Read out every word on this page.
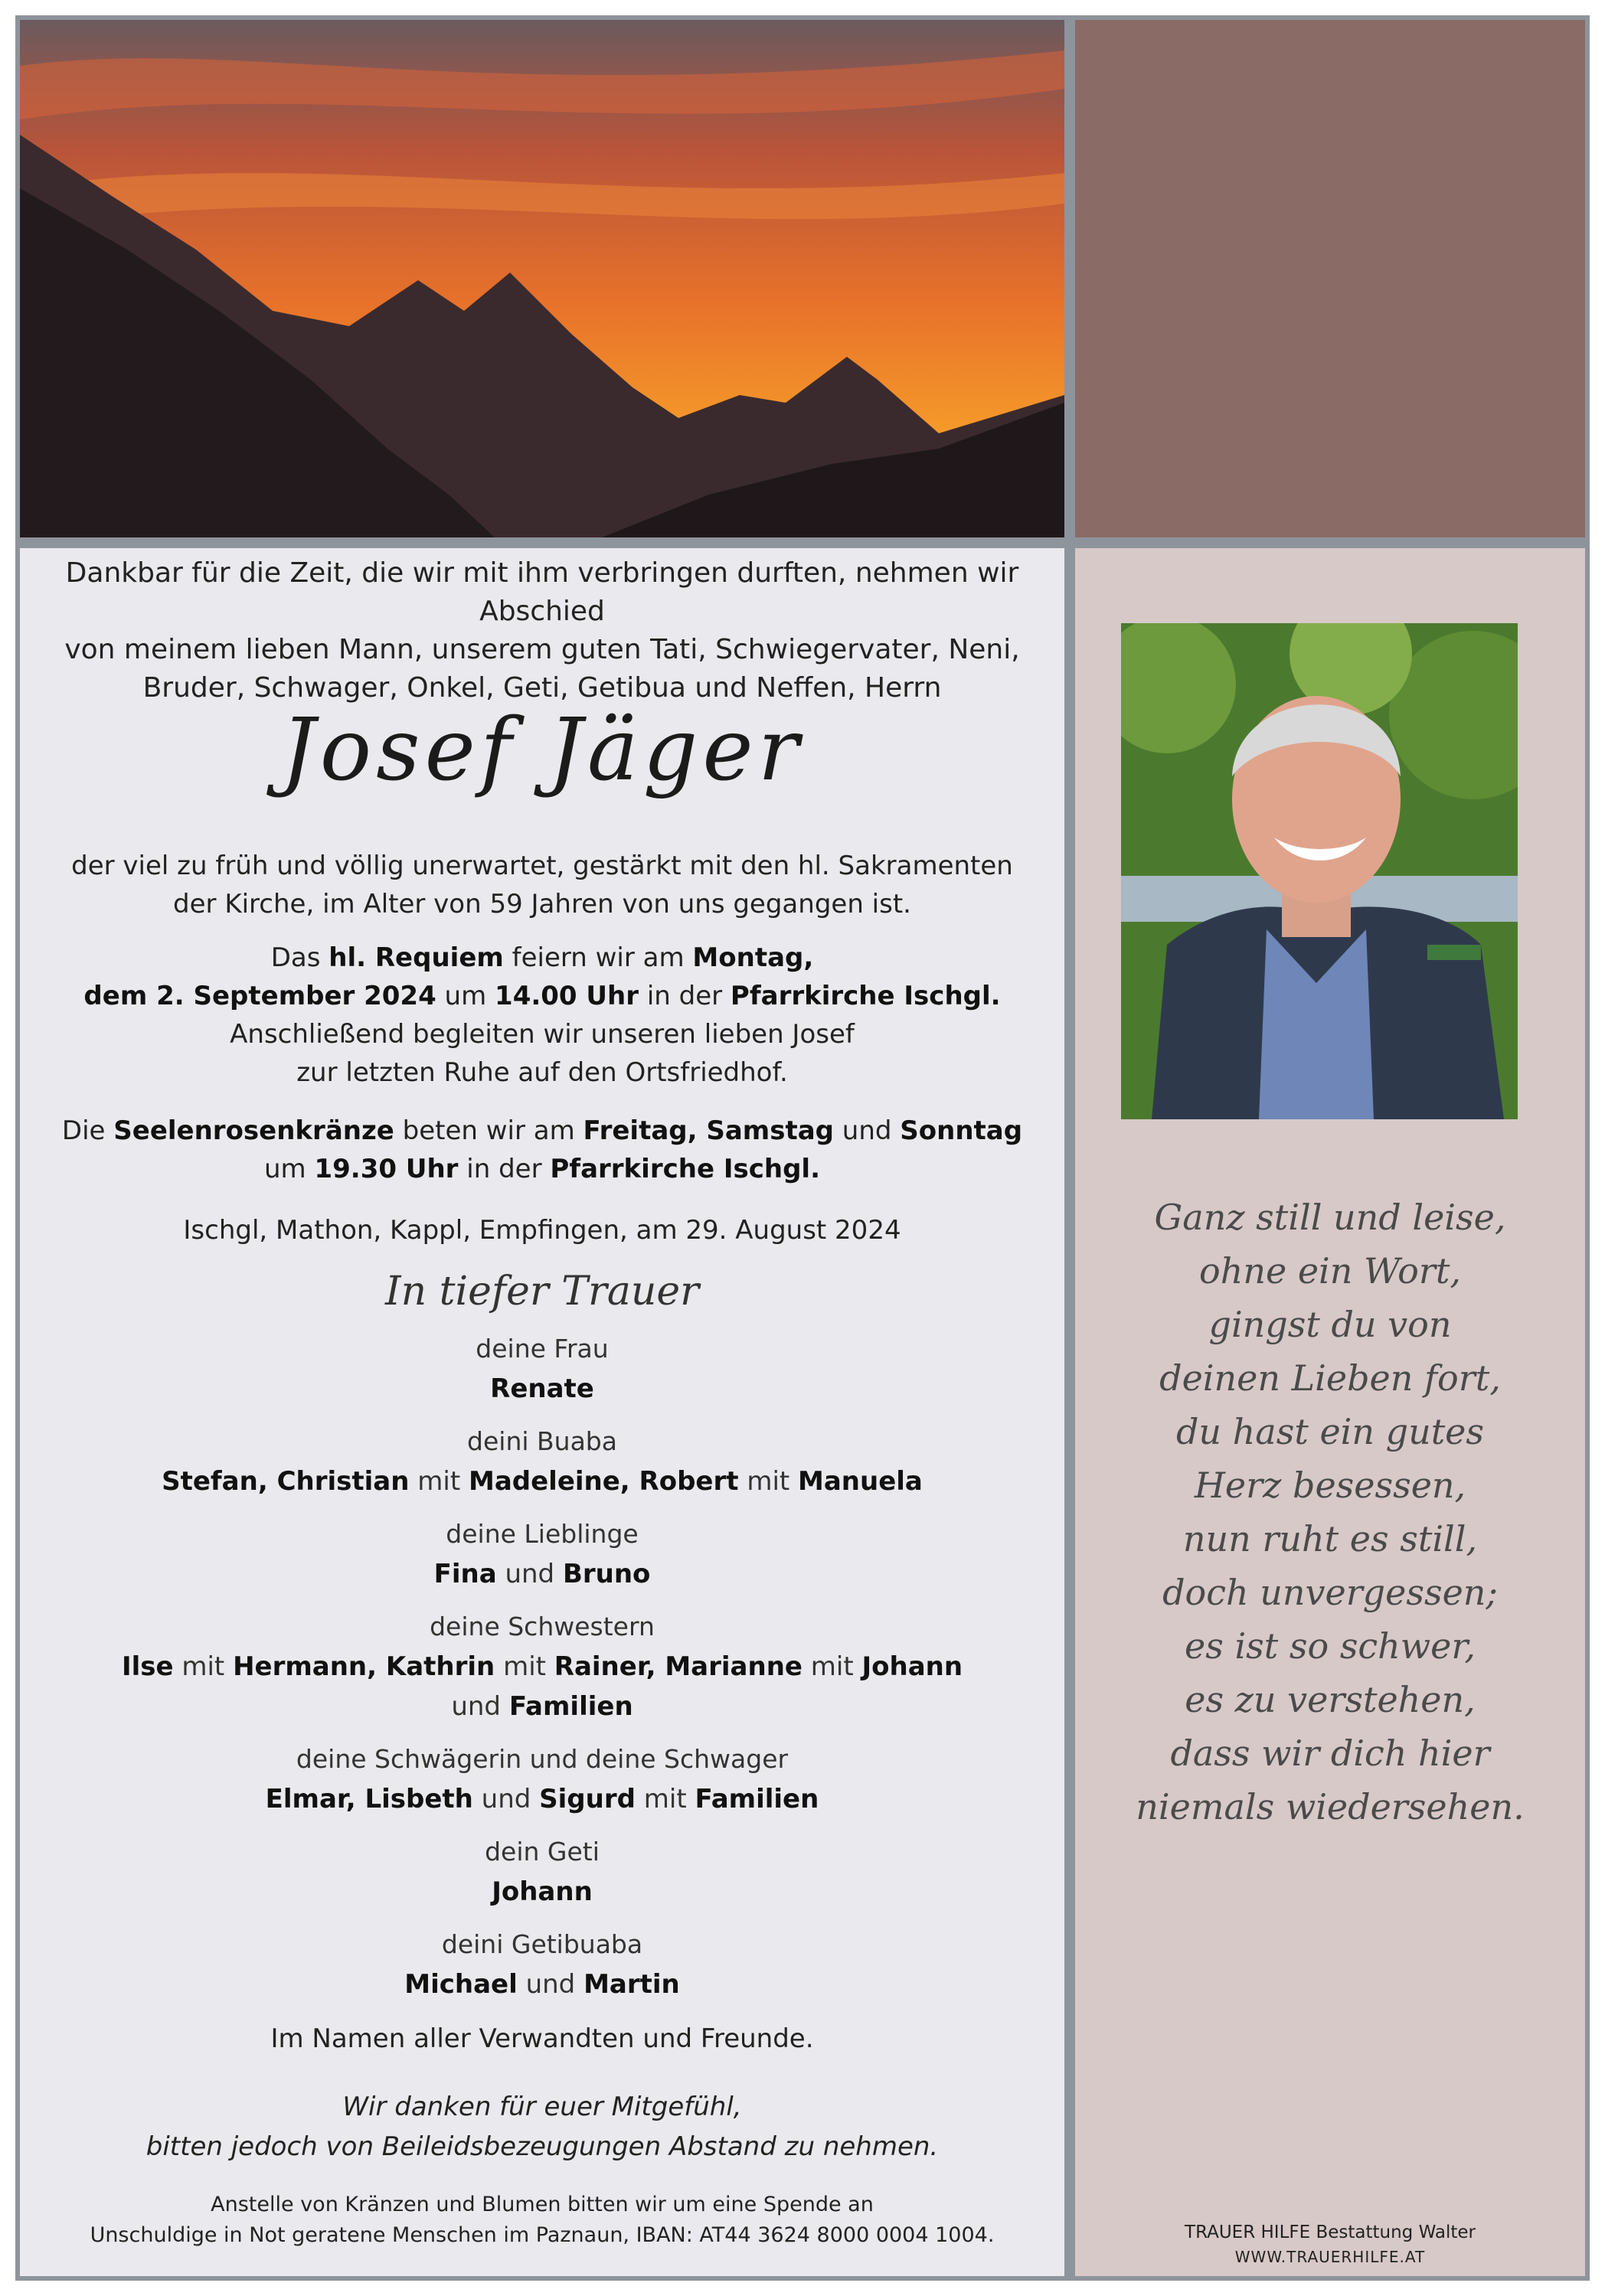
Dankbar für die Zeit, die wir mit ihm verbringen durften, nehmen wir Abschied
von meinem lieben Mann, unserem guten Tati, Schwiegervater, Neni,
Bruder, Schwager, Onkel, Geti, Getibua und Neffen, Herrn
Josef Jäger
der viel zu früh und völlig unerwartet, gestärkt mit den hl. Sakramenten
der Kirche, im Alter von 59 Jahren von uns gegangen ist.
Das hl. Requiem feiern wir am Montag,
dem 2. September 2024 um 14.00 Uhr in der Pfarrkirche Ischgl.
Anschließend begleiten wir unseren lieben Josef
zur letzten Ruhe auf den Ortsfriedhof.
Die Seelenrosenkränze beten wir am Freitag, Samstag und Sonntag
um 19.30 Uhr in der Pfarrkirche Ischgl.
Ischgl, Mathon, Kappl, Empfingen, am 29. August 2024
In tiefer Trauer
deine Frau
Renate
deini Buaba
Stefan, Christian mit Madeleine, Robert mit Manuela
deine Lieblinge
Fina und Bruno
deine Schwestern
Ilse mit Hermann, Kathrin mit Rainer, Marianne mit Johann
und Familien
deine Schwägerin und deine Schwager
Elmar, Lisbeth und Sigurd mit Familien
dein Geti
Johann
deini Getibuaba
Michael und Martin
Im Namen aller Verwandten und Freunde.
Wir danken für euer Mitgefühl,
bitten jedoch von Beileidsbezeugungen Abstand zu nehmen.
Anstelle von Kränzen und Blumen bitten wir um eine Spende an
Unschuldige in Not geratene Menschen im Paznaun, IBAN: AT44 3624 8000 0004 1004.
Ganz still und leise,
ohne ein Wort,
gingst du von
deinen Lieben fort,
du hast ein gutes
Herz besessen,
nun ruht es still,
doch unvergessen;
es ist so schwer,
es zu verstehen,
dass wir dich hier
niemals wiedersehen.
TRAUER HILFE Bestattung Walter
WWW.TRAUERHILFE.AT
